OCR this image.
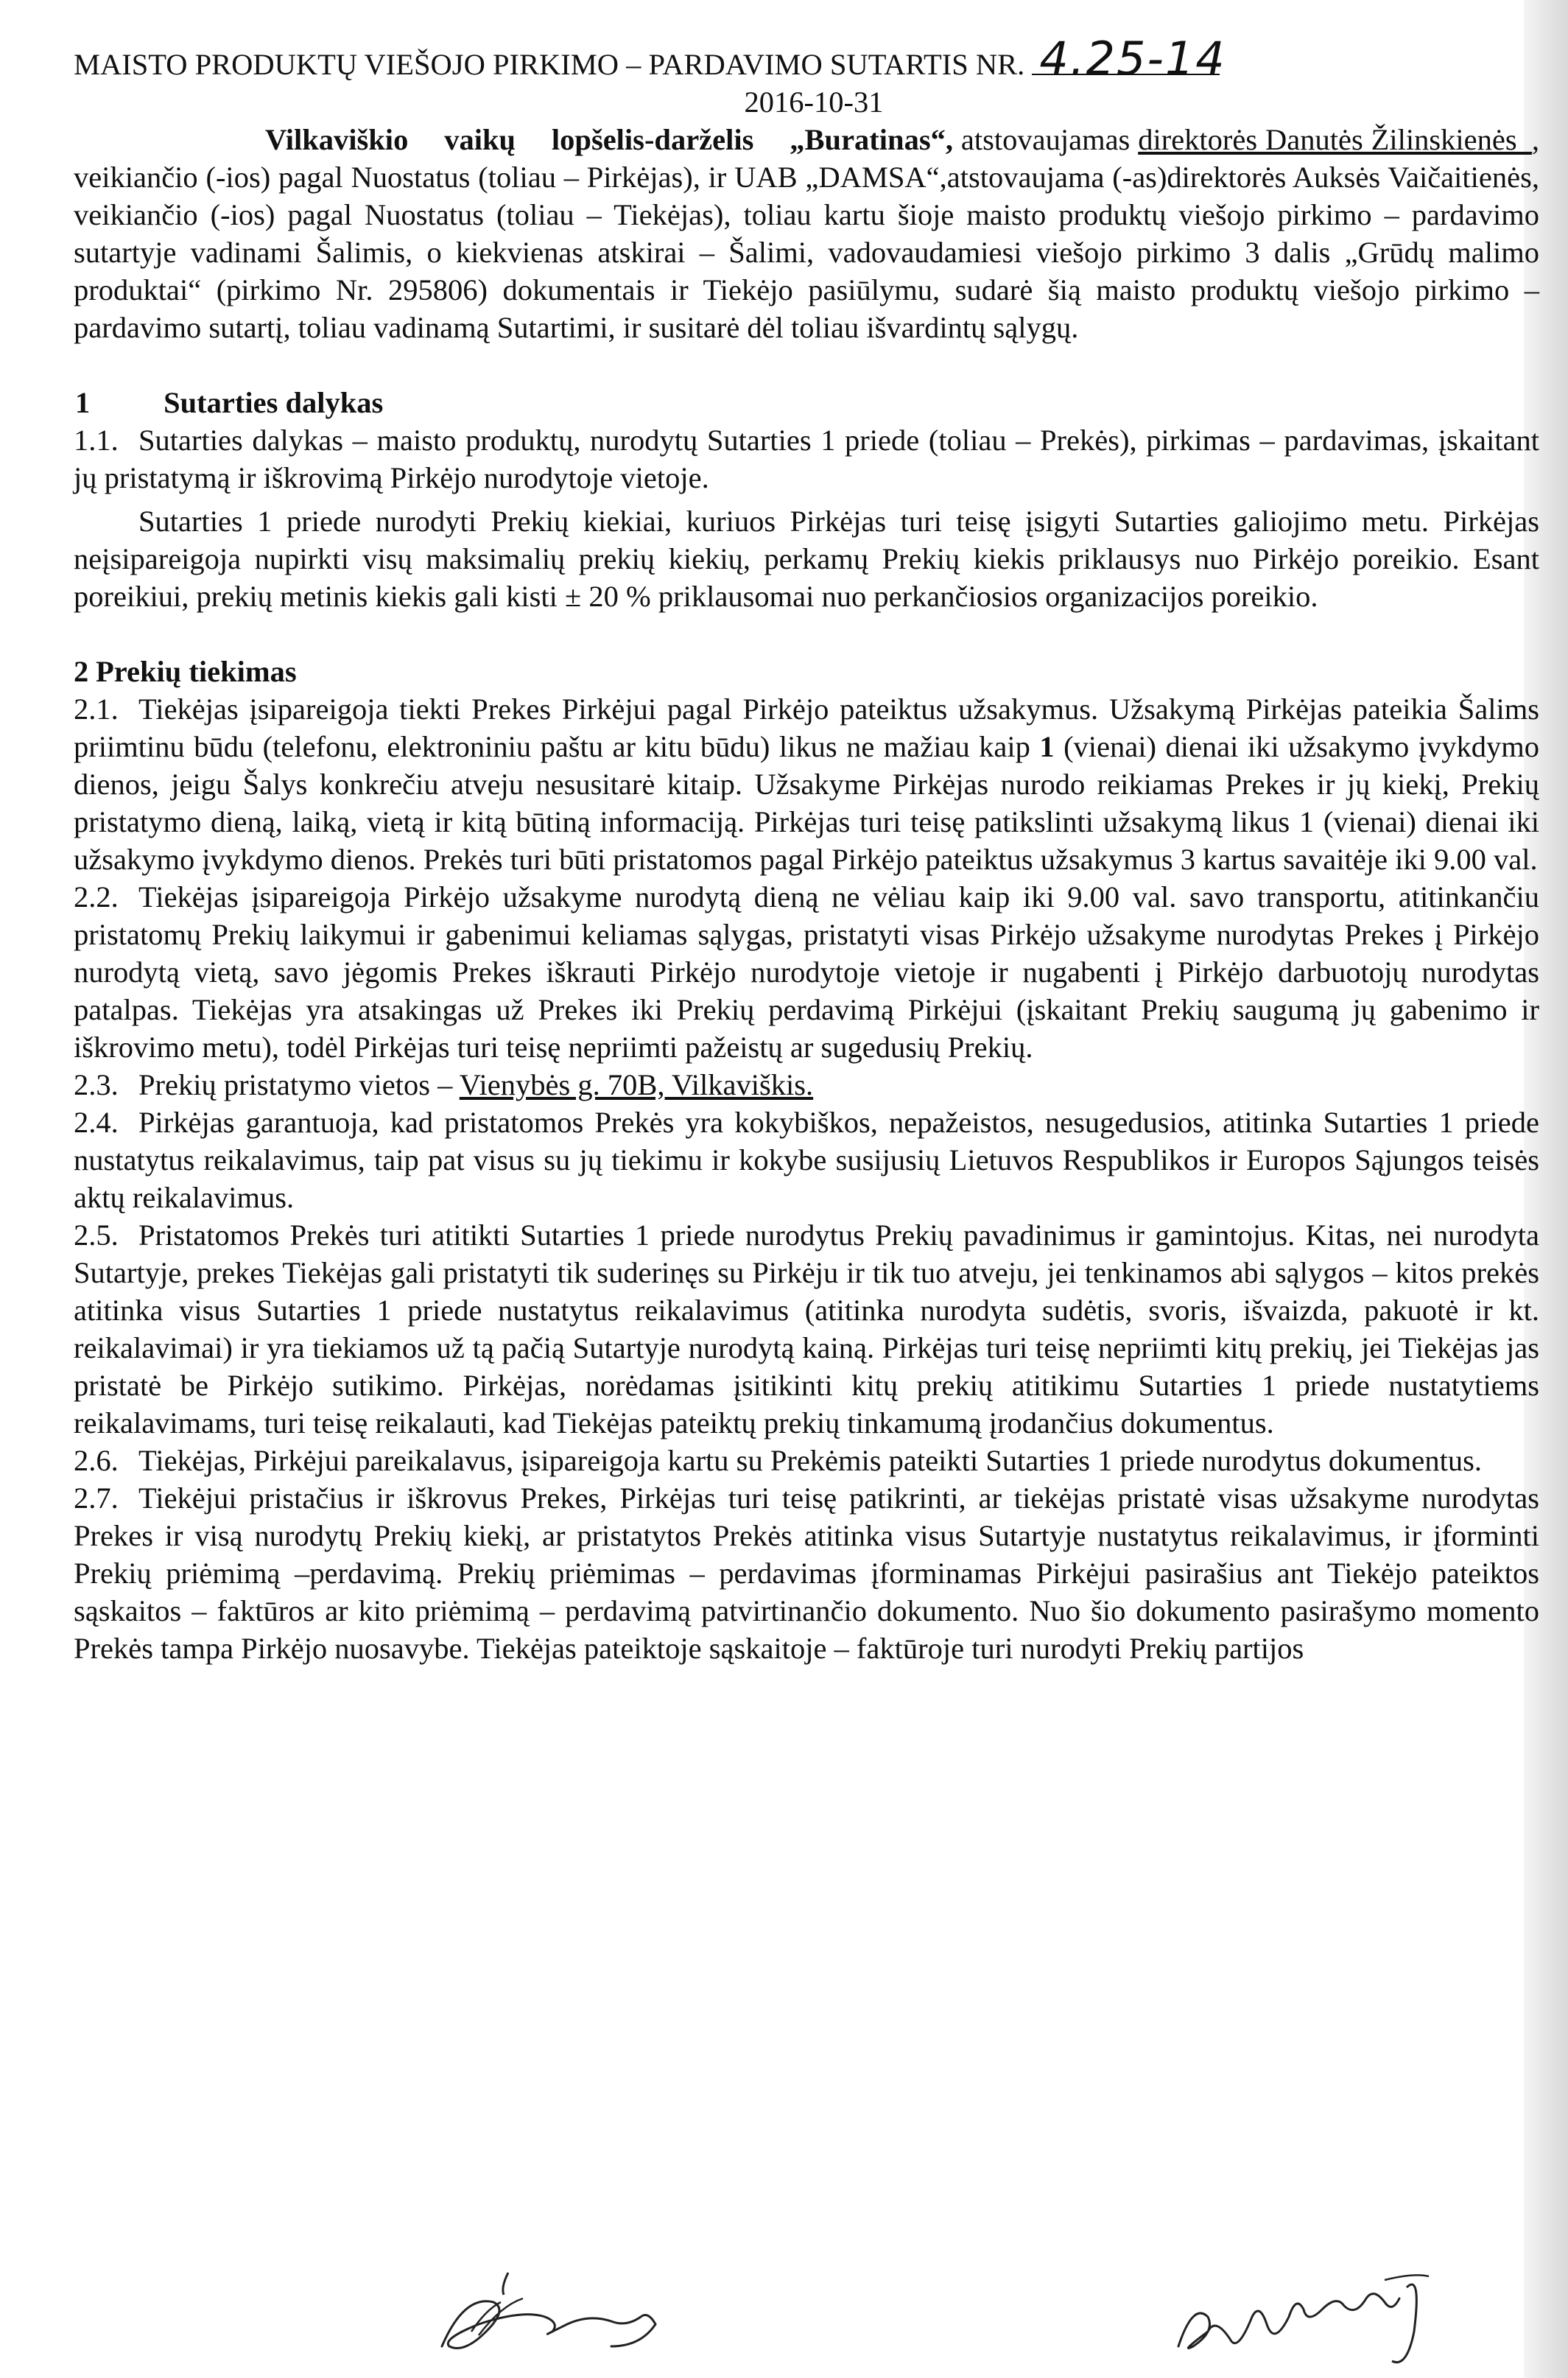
MAISTO PRODUKTŲ VIEŠOJO PIRKIMO – PARDAVIMO SUTARTIS NR. 4.25-14
2016-10-31
Vilkaviškio vaikų lopšelis-darželis „Buratinas“, atstovaujamas direktorės Danutės Žilinskienės_, veikiančio (-ios) pagal Nuostatus (toliau – Pirkėjas), ir UAB „DAMSA“,atstovaujama (-as)direktorės Auksės Vaičaitienės, veikiančio (-ios) pagal Nuostatus (toliau – Tiekėjas), toliau kartu šioje maisto produktų viešojo pirkimo – pardavimo sutartyje vadinami Šalimis, o kiekvienas atskirai – Šalimi, vadovaudamiesi viešojo pirkimo 3 dalis „Grūdų malimo produktai“ (pirkimo Nr. 295806) dokumentais ir Tiekėjo pasiūlymu, sudarė šią maisto produktų viešojo pirkimo – pardavimo sutartį, toliau vadinamą Sutartimi, ir susitarė dėl toliau išvardintų sąlygų.
1 Sutarties dalykas
1.1. Sutarties dalykas – maisto produktų, nurodytų Sutarties 1 priede (toliau – Prekės), pirkimas – pardavimas, įskaitant jų pristatymą ir iškrovimą Pirkėjo nurodytoje vietoje.
Sutarties 1 priede nurodyti Prekių kiekiai, kuriuos Pirkėjas turi teisę įsigyti Sutarties galiojimo metu. Pirkėjas neįsipareigoja nupirkti visų maksimalių prekių kiekių, perkamų Prekių kiekis priklausys nuo Pirkėjo poreikio. Esant poreikiui, prekių metinis kiekis gali kisti ± 20 % priklausomai nuo perkančiosios organizacijos poreikio.
2 Prekių tiekimas
2.1. Tiekėjas įsipareigoja tiekti Prekes Pirkėjui pagal Pirkėjo pateiktus užsakymus. Užsakymą Pirkėjas pateikia Šalims priimtinu būdu (telefonu, elektroniniu paštu ar kitu būdu) likus ne mažiau kaip 1 (vienai) dienai iki užsakymo įvykdymo dienos, jeigu Šalys konkrečiu atveju nesusitarė kitaip. Užsakyme Pirkėjas nurodo reikiamas Prekes ir jų kiekį, Prekių pristatymo dieną, laiką, vietą ir kitą būtiną informaciją. Pirkėjas turi teisę patikslinti užsakymą likus 1 (vienai) dienai iki užsakymo įvykdymo dienos. Prekės turi būti pristatomos pagal Pirkėjo pateiktus užsakymus 3 kartus savaitėje iki 9.00 val.
2.2. Tiekėjas įsipareigoja Pirkėjo užsakyme nurodytą dieną ne vėliau kaip iki 9.00 val. savo transportu, atitinkančiu pristatomų Prekių laikymui ir gabenimui keliamas sąlygas, pristatyti visas Pirkėjo užsakyme nurodytas Prekes į Pirkėjo nurodytą vietą, savo jėgomis Prekes iškrauti Pirkėjo nurodytoje vietoje ir nugabenti į Pirkėjo darbuotojų nurodytas patalpas. Tiekėjas yra atsakingas už Prekes iki Prekių perdavimą Pirkėjui (įskaitant Prekių saugumą jų gabenimo ir iškrovimo metu), todėl Pirkėjas turi teisę nepriimti pažeistų ar sugedusių Prekių.
2.3. Prekių pristatymo vietos – Vienybės g. 70B, Vilkaviškis.
2.4. Pirkėjas garantuoja, kad pristatomos Prekės yra kokybiškos, nepažeistos, nesugedusios, atitinka Sutarties 1 priede nustatytus reikalavimus, taip pat visus su jų tiekimu ir kokybe susijusių Lietuvos Respublikos ir Europos Sąjungos teisės aktų reikalavimus.
2.5. Pristatomos Prekės turi atitikti Sutarties 1 priede nurodytus Prekių pavadinimus ir gamintojus. Kitas, nei nurodyta Sutartyje, prekes Tiekėjas gali pristatyti tik suderinęs su Pirkėju ir tik tuo atveju, jei tenkinamos abi sąlygos – kitos prekės atitinka visus Sutarties 1 priede nustatytus reikalavimus (atitinka nurodyta sudėtis, svoris, išvaizda, pakuotė ir kt. reikalavimai) ir yra tiekiamos už tą pačią Sutartyje nurodytą kainą. Pirkėjas turi teisę nepriimti kitų prekių, jei Tiekėjas jas pristatė be Pirkėjo sutikimo. Pirkėjas, norėdamas įsitikinti kitų prekių atitikimu Sutarties 1 priede nustatytiems reikalavimams, turi teisę reikalauti, kad Tiekėjas pateiktų prekių tinkamumą įrodančius dokumentus.
2.6. Tiekėjas, Pirkėjui pareikalavus, įsipareigoja kartu su Prekėmis pateikti Sutarties 1 priede nurodytus dokumentus.
2.7. Tiekėjui pristačius ir iškrovus Prekes, Pirkėjas turi teisę patikrinti, ar tiekėjas pristatė visas užsakyme nurodytas Prekes ir visą nurodytų Prekių kiekį, ar pristatytos Prekės atitinka visus Sutartyje nustatytus reikalavimus, ir įforminti Prekių priėmimą –perdavimą. Prekių priėmimas – perdavimas įforminamas Pirkėjui pasirašius ant Tiekėjo pateiktos sąskaitos – faktūros ar kito priėmimą – perdavimą patvirtinančio dokumento. Nuo šio dokumento pasirašymo momento Prekės tampa Pirkėjo nuosavybe. Tiekėjas pateiktoje sąskaitoje – faktūroje turi nurodyti Prekių partijos
